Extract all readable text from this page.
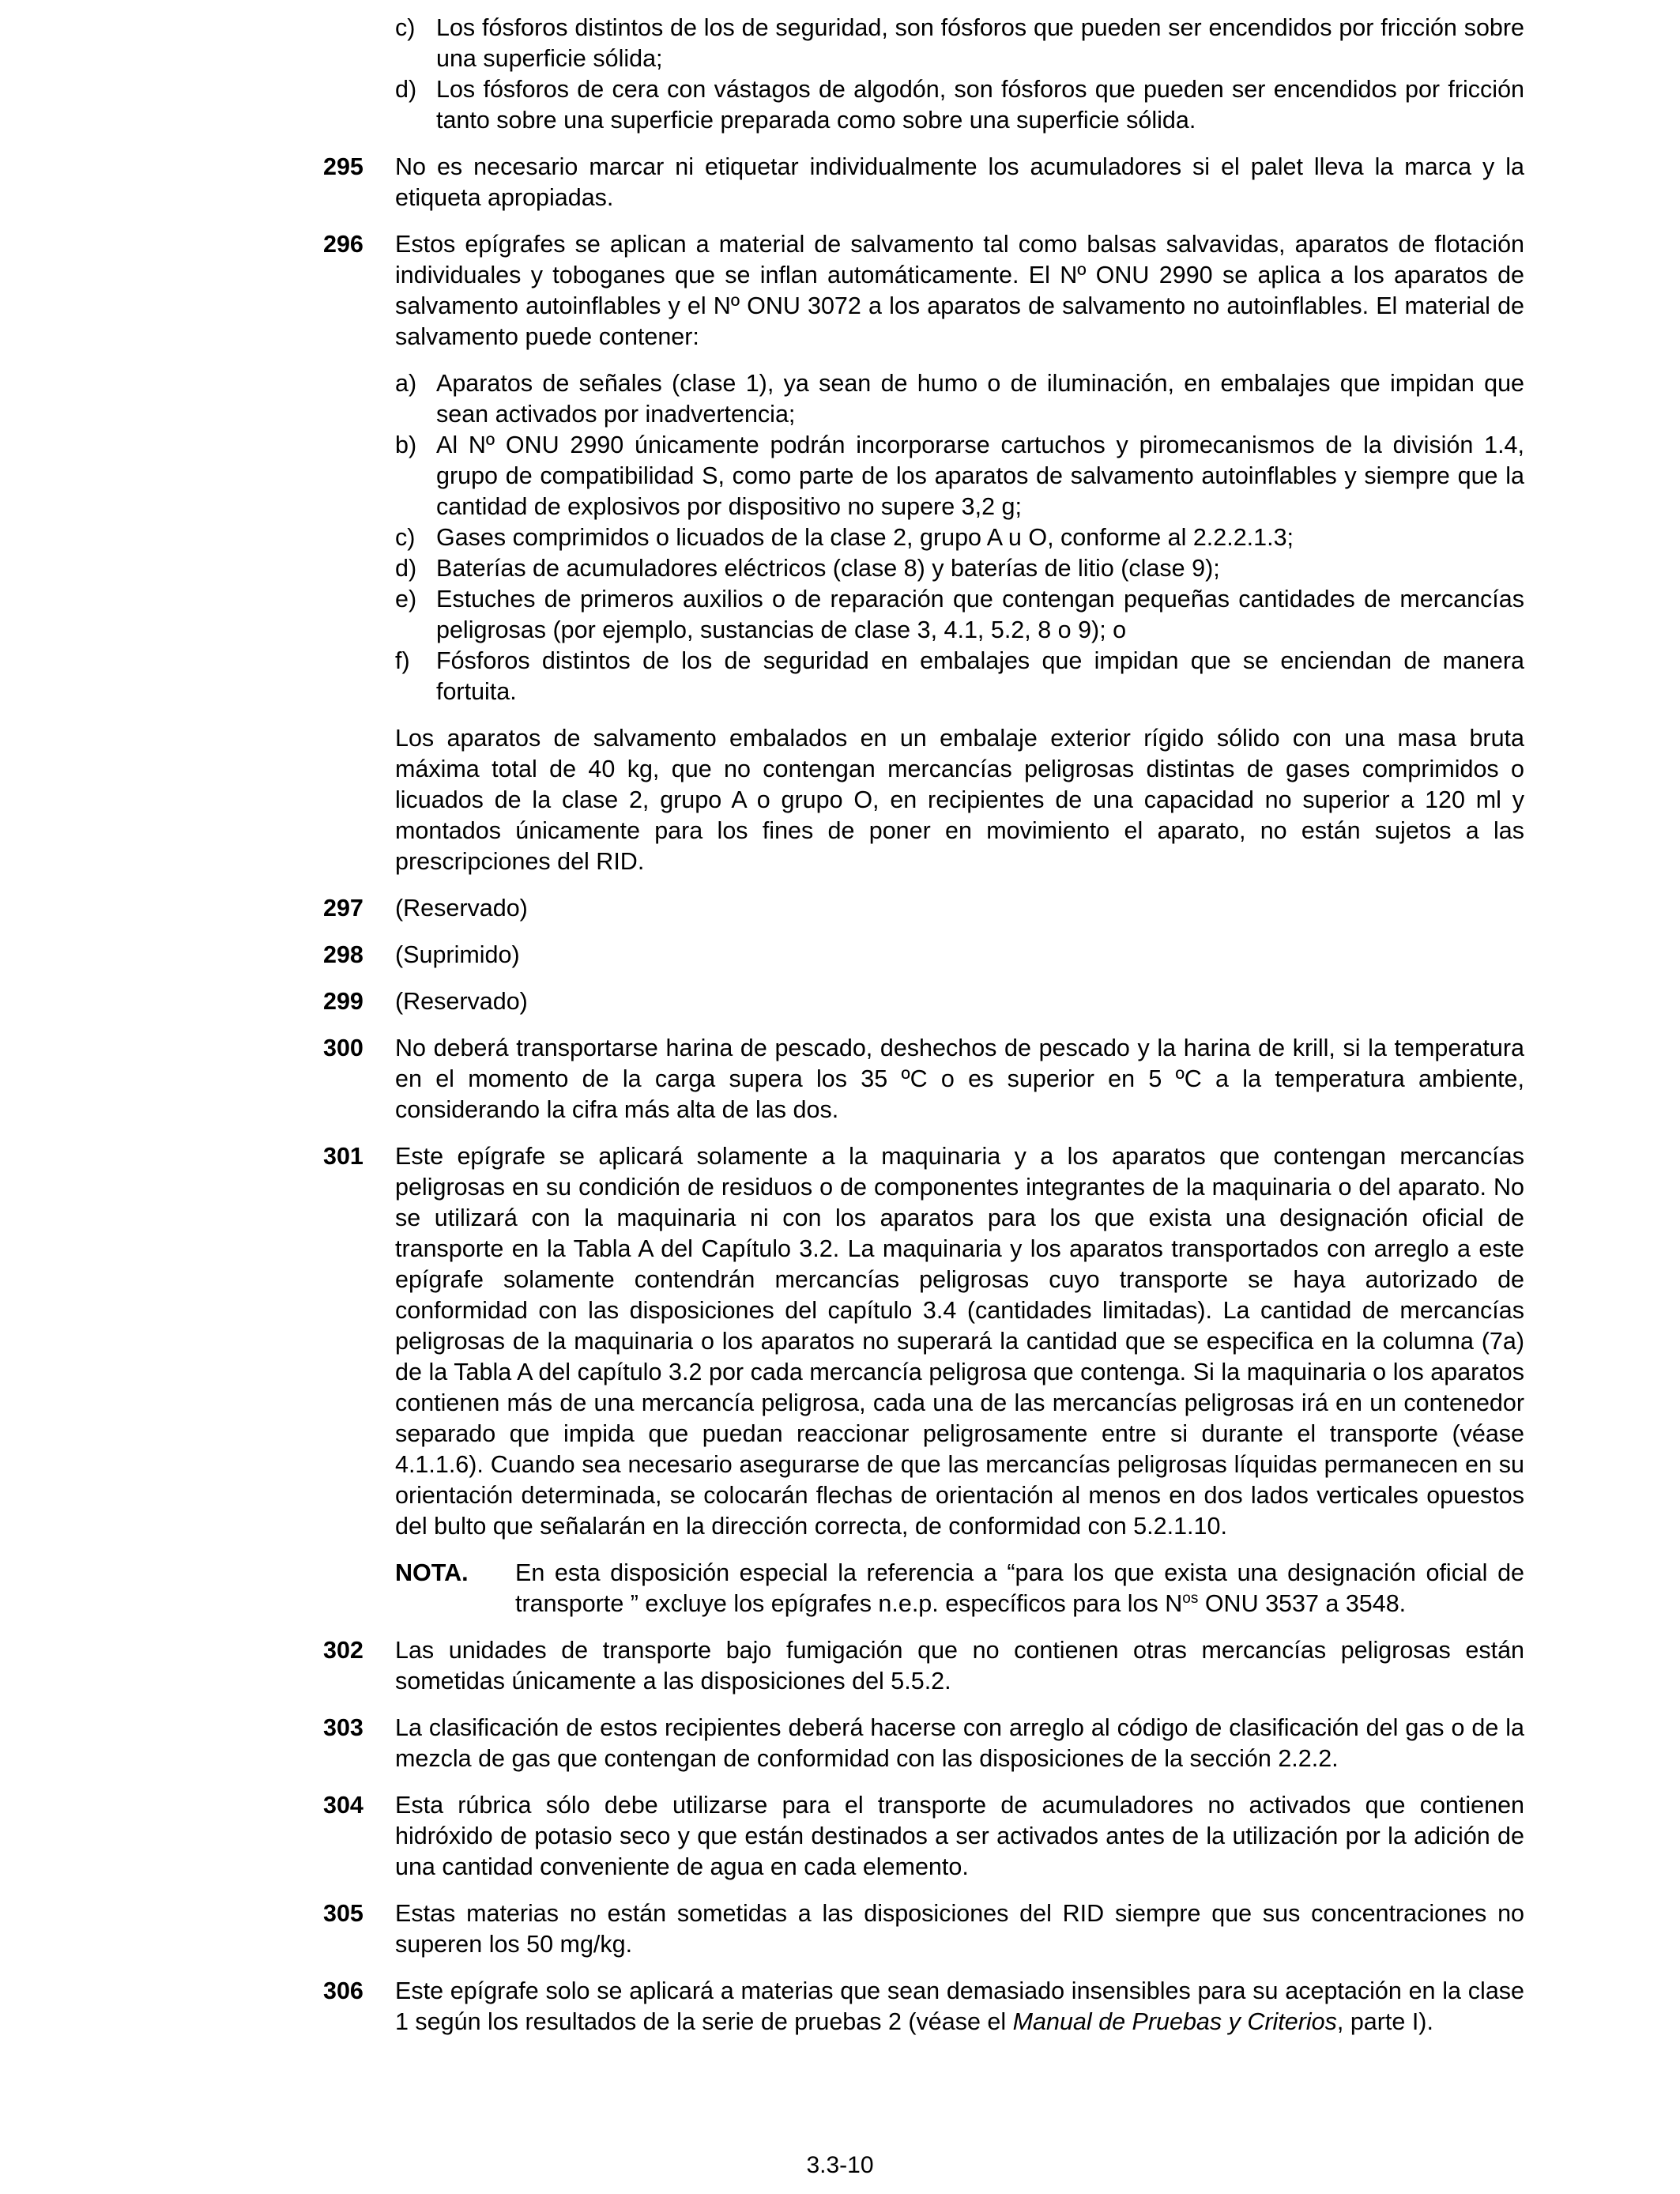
c) Los fósforos distintos de los de seguridad, son fósforos que pueden ser encendidos por fricción sobre una superficie sólida;
d) Los fósforos de cera con vástagos de algodón, son fósforos que pueden ser encendidos por fricción tanto sobre una superficie preparada como sobre una superficie sólida.
295 No es necesario marcar ni etiquetar individualmente los acumuladores si el palet lleva la marca y la etiqueta apropiadas.

296 Estos epígrafes se aplican a material de salvamento tal como balsas salvavidas, aparatos de flotación individuales y toboganes que se inflan automáticamente. El Nº ONU 2990 se aplica a los aparatos de salvamento autoinflables y el Nº ONU 3072 a los aparatos de salvamento no autoinflables. El material de salvamento puede contener:

a) Aparatos de señales (clase 1), ya sean de humo o de iluminación, en embalajes que impidan que sean activados por inadvertencia;
b) Al Nº ONU 2990 únicamente podrán incorporarse cartuchos y piromecanismos de la división 1.4, grupo de compatibilidad S, como parte de los aparatos de salvamento autoinflables y siempre que la cantidad de explosivos por dispositivo no supere 3,2 g;
c) Gases comprimidos o licuados de la clase 2, grupo A u O, conforme al 2.2.2.1.3;
d) Baterías de acumuladores eléctricos (clase 8) y baterías de litio (clase 9);
e) Estuches de primeros auxilios o de reparación que contengan pequeñas cantidades de mercancías peligrosas (por ejemplo, sustancias de clase 3, 4.1, 5.2, 8 o 9); o
f)	Fósforos distintos de los de seguridad en embalajes que impidan que se enciendan de manera fortuita.

Los aparatos de salvamento embalados en un embalaje exterior rígido sólido con una masa bruta máxima total de 40 kg, que no contengan mercancías peligrosas distintas de gases comprimidos o licuados de la clase 2, grupo A o grupo O, en recipientes de una capacidad no superior a 120 ml y montados únicamente para los fines de poner en movimiento el aparato, no están sujetos a las prescripciones del RID.

297 (Reservado)

298 (Suprimido)

299 (Reservado)

300 No deberá transportarse harina de pescado, deshechos de pescado y la harina de krill, si la temperatura en el momento de la carga supera los 35 ºC o es superior en 5 ºC a la temperatura ambiente, considerando la cifra más alta de las dos.

301 Este epígrafe se aplicará solamente a la maquinaria y a los aparatos que contengan mercancías peligrosas en su condición de residuos o de componentes integrantes de la maquinaria o del aparato. No se utilizará con la maquinaria ni con los aparatos para los que exista una designación oficial de transporte en la Tabla A del Capítulo 3.2. La maquinaria y los aparatos transportados con arreglo a este epígrafe solamente contendrán mercancías peligrosas cuyo transporte se haya autorizado de conformidad con las disposiciones del capítulo 3.4 (cantidades limitadas). La cantidad de mercancías peligrosas de la maquinaria o los aparatos no superará la cantidad que se especifica en la columna (7a) de la Tabla A del capítulo 3.2 por cada mercancía peligrosa que contenga. Si la maquinaria o los aparatos contienen más de una mercancía peligrosa, cada una de las mercancías peligrosas irá en un contenedor separado que impida que puedan reaccionar peligrosamente entre si durante el transporte (véase 4.1.1.6). Cuando sea necesario asegurarse de que las mercancías peligrosas líquidas permanecen en su orientación determinada, se colocarán flechas de orientación al menos en dos lados verticales opuestos del bulto que señalarán en la dirección correcta, de conformidad con 5.2.1.10.

NOTA.	En esta disposición especial la referencia a “para los que exista una designación oficial de transporte ” excluye los epígrafes n.e.p. específicos para los $N^{os}$ ONU 3537 a 3548.
302 Las unidades de transporte bajo fumigación que no contienen otras mercancías peligrosas están sometidas únicamente a las disposiciones del 5.5.2.

303 La clasificación de estos recipientes deberá hacerse con arreglo al código de clasificación del gas o de la mezcla de gas que contengan de conformidad con las disposiciones de la sección 2.2.2.

304 Esta rúbrica sólo debe utilizarse para el transporte de acumuladores no activados que contienen hidróxido de potasio seco y que están destinados a ser activados antes de la utilización por la adición de una cantidad conveniente de agua en cada elemento.

305 Estas materias no están sometidas a las disposiciones del RID siempre que sus concentraciones no superen los 50 mg/kg.

306 Este epígrafe solo se aplicará a materias que sean demasiado insensibles para su aceptación en la clase 1 según los resultados de la serie de pruebas 2 (véase el Manual de Pruebas y Criterios, parte I).

3.3-10
